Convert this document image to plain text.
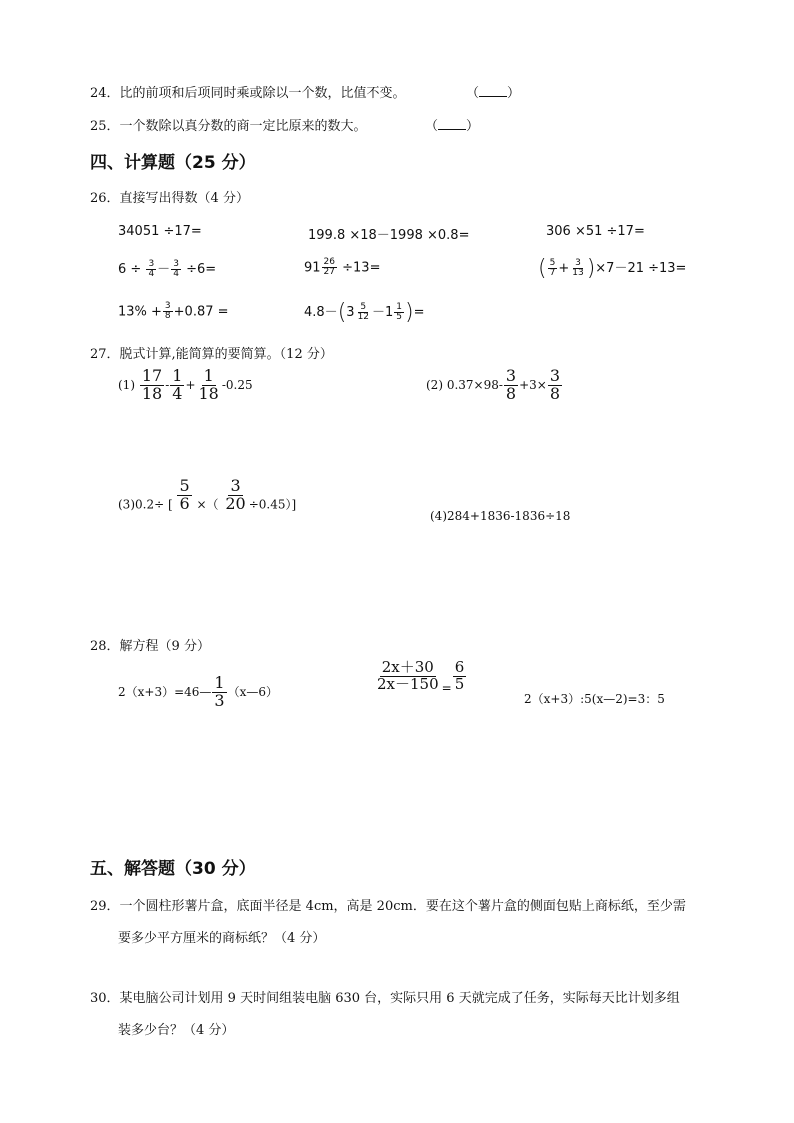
24．比的前项和后项同时乘或除以一个数，比值不变。	（ ）
25．一个数除以真分数的商一定比原来的数大。	（ ）
四、计算题（25 分）
26．直接写出得数（4 分）
34051 ÷17=	199.8 ×18－1998 ×0.8=	306 ×51 ÷17=
$6 \div \frac{3}{4} - \frac{3}{4} \div 6=$	$91 \frac{26}{27} \div 13=$	( $\frac{5}{7} + \frac{3}{13} )\times 7-21 \div 13=$
$13\% + \frac{3}{8} +0.87$ =	$4.8-(3 \frac{5}{12} -1 \frac{1}{5}$ )=
27．脱式计算,能简算的要简算。（12 分）
$(1) \frac{17}{18} - \frac{1}{4} + \frac{1}{18} -0.25$	(2) $0.37\times 98- \frac{3}{8} +3\times \frac{3}{8}$
(3)0.2÷ [ $\frac{5}{6}$ ×（ $\frac{3}{20} \div 0.45$）]
(4)284+1836-1836÷18
28．解方程（9 分）
2（x+3）=46— $\frac{1}{3}$ （x—6）	$\frac{2x+30}{2x-150} = \frac{6}{5}$
2（x+3）:5(x—2)=3：5
五、解答题（30 分）
29．一个圆柱形薯片盒，底面半径是 4cm，高是 20cm．要在这个薯片盒的侧面包贴上商标纸，至少需
要多少平方厘米的商标纸？（4 分）
30．某电脑公司计划用 9 天时间组装电脑 630 台，实际只用 6 天就完成了任务，实际每天比计划多组
装多少台？（4 分）
